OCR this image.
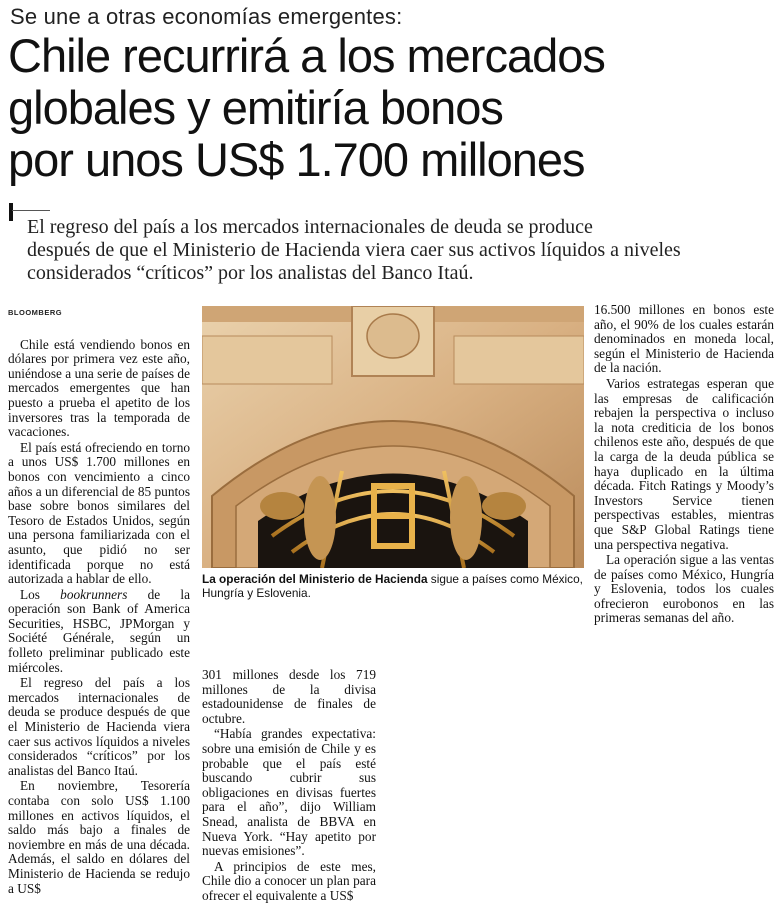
Se une a otras economías emergentes:
Chile recurrirá a los mercados
globales y emitiría bonos
por unos US$ 1.700 millones
El regreso del país a los mercados internacionales de deuda se produce
después de que el Ministerio de Hacienda viera caer sus activos líquidos a niveles
considerados “críticos” por los analistas del Banco Itaú.
BLOOMBERG

Chile está vendiendo bonos en dólares por primera vez este año, uniéndose a una serie de países de mercados emergentes que han puesto a prueba el apetito de los inversores tras la temporada de vacaciones.

El país está ofreciendo en torno a unos US$ 1.700 millones en bonos con vencimiento a cinco años a un diferencial de 85 puntos base sobre bonos similares del Tesoro de Estados Unidos, según una persona familiarizada con el asunto, que pidió no ser identificada porque no está autorizada a hablar de ello.

Los bookrunners de la operación son Bank of America Securities, HSBC, JPMorgan y Société Générale, según un folleto preliminar publicado este miércoles.

El regreso del país a los mercados internacionales de deuda se produce después de que el Ministerio de Hacienda viera caer sus activos líquidos a niveles considerados “críticos” por los analistas del Banco Itaú.

En noviembre, Tesorería contaba con solo US$ 1.100 millones en activos líquidos, el saldo más bajo a finales de noviembre en más de una década. Además, el saldo en dólares del Ministerio de Hacienda se redujo a US$

La operación del Ministerio de Hacienda sigue a países como México, Hungría y Eslovenia.

301 millones desde los 719 millones de la divisa estadounidense de finales de octubre.

“Había grandes expectativa: sobre una emisión de Chile y es probable que el país esté buscando cubrir sus obligaciones en divisas fuertes para el año”, dijo William Snead, analista de BBVA en Nueva York. “Hay apetito por nuevas emisiones”.

A principios de este mes, Chile dio a conocer un plan para ofrecer el equivalente a US$

16.500 millones en bonos este año, el 90% de los cuales estarán denominados en moneda local, según el Ministerio de Hacienda de la nación.

Varios estrategas esperan que las empresas de calificación rebajen la perspectiva o incluso la nota crediticia de los bonos chilenos este año, después de que la carga de la deuda pública se haya duplicado en la última década. Fitch Ratings y Moody’s Investors Service tienen perspectivas estables, mientras que S&P Global Ratings tiene una perspectiva negativa.

La operación sigue a las ventas de países como México, Hungría y Eslovenia, todos los cuales ofrecieron eurobonos en las primeras semanas del año.
